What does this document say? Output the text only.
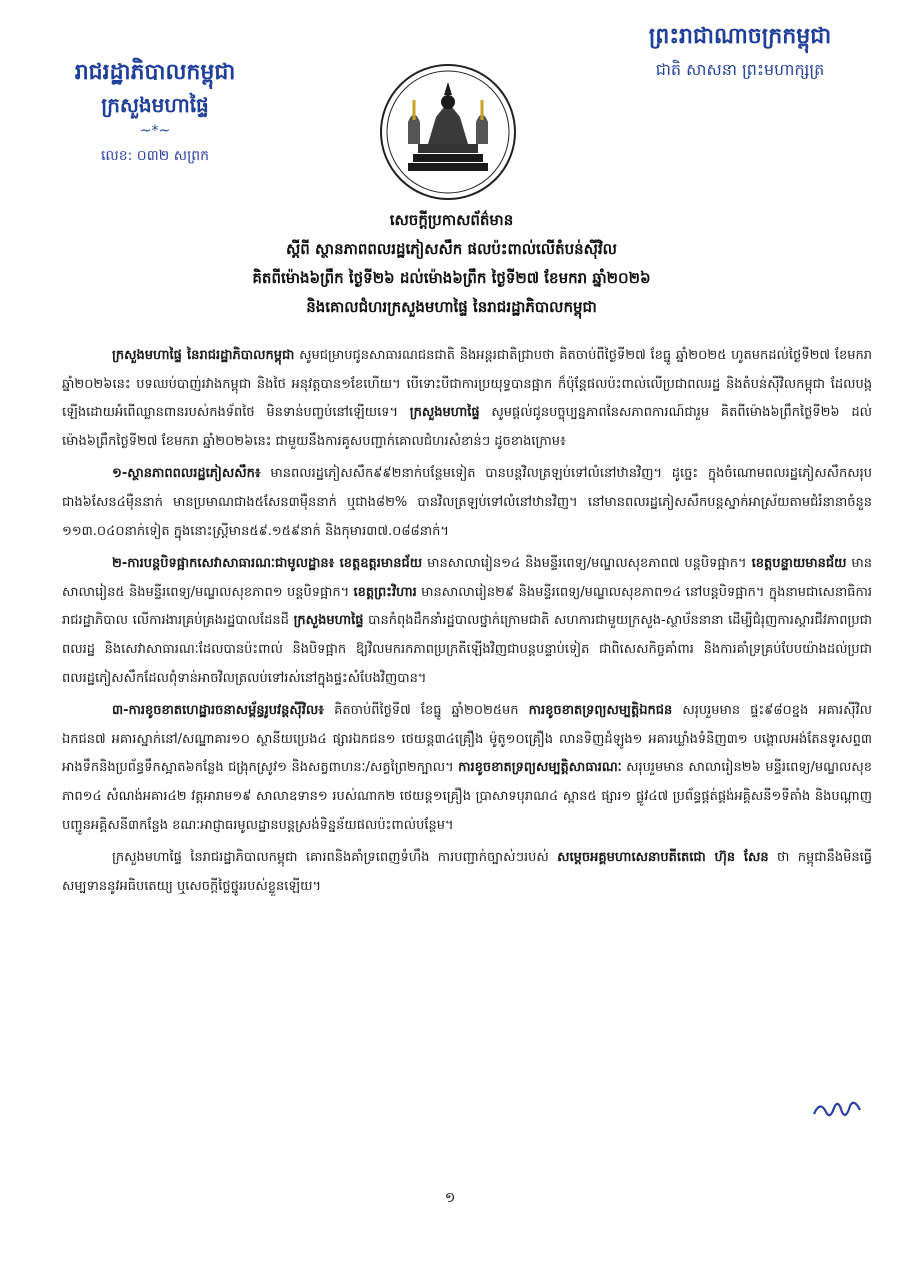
រាជរដ្ឋាភិបាលកម្ពុជា
ក្រសួងមហាផ្ទៃ
~*~
លេខ: ០៣២ សព្រក
ព្រះរាជាណាចក្រកម្ពុជា
ជាតិ សាសនា ព្រះមហាក្សត្រ
សេចក្តីប្រកាសព័ត៌មាន
ស្តីពី ស្ថានភាពពលរដ្ឋភៀសសឹក ផលប៉ះពាល់លើតំបន់ស៊ីវិល
គិតពីម៉ោង៦ព្រឹក ថ្ងៃទី២៦ ដល់ម៉ោង៦ព្រឹក ថ្ងៃទី២៧ ខែមករា ឆ្នាំ២០២៦
និងគោលជំហរក្រសួងមហាផ្ទៃ នៃរាជរដ្ឋាភិបាលកម្ពុជា

ក្រសួងមហាផ្ទៃ នៃរាជរដ្ឋាភិបាលកម្ពុជា សូមជម្រាបជូនសាធារណជនជាតិ និងអន្តរជាតិជ្រាបថា គិតចាប់ពីថ្ងៃទី២៧ ខែធ្នូ ឆ្នាំ២០២៥ ហូតមកដល់ថ្ងៃទី២៧ ខែមករា ឆ្នាំ២០២៦នេះ បទឈប់បាញ់រវាងកម្ពុជា និងថៃ អនុវត្តបាន១ខែហើយ។ បើទោះបីជាការប្រយុទ្ធបានផ្អាក ក៏ប៉ុន្តែផលប៉ះពាល់លើប្រជាពលរដ្ឋ និងតំបន់ស៊ីវិលកម្ពុជា ដែលបង្កឡើងដោយអំពើឈ្លានពានរបស់កងទ័ពថៃ មិនទាន់បញ្ចប់នៅឡើយទេ។ ក្រសួងមហាផ្ទៃ សូមផ្តល់ជូនបច្ចុប្បន្នភាពនៃសភាពការណ៍ជារួម គិតពីម៉ោង៦ព្រឹកថ្ងៃទី២៦ ដល់ម៉ោង៦ព្រឹកថ្ងៃទី២៧ ខែមករា ឆ្នាំ២០២៦នេះ ជាមួយនឹងការគូសបញ្ជាក់គោលជំហរសំខាន់ៗ ដូចខាងក្រោម៖

១-ស្ថានភាពពលរដ្ឋភៀសសឹក៖ មានពលរដ្ឋភៀសសឹក៩៩២នាក់បន្ថែមទៀត បានបន្តវិលត្រឡប់ទៅលំនៅឋានវិញ។ ដូច្នេះ ក្នុងចំណោមពលរដ្ឋភៀសសឹកសរុបជាង៦សែន៤ម៉ឺននាក់ មានប្រមាណជាង៥សែន៣ម៉ឺននាក់ ឬជាង៨២% បានវិលត្រឡប់ទៅលំនៅឋានវិញ។ នៅមានពលរដ្ឋភៀសសឹកបន្តស្នាក់អាស្រ័យតាមជំរំនានាចំនួន ១១៣.០៤០នាក់ទៀត ក្នុងនោះស្ត្រីមាន៥៩.១៥៩នាក់ និងកុមារ៣៧.០៨៨នាក់។

២-ការបន្តបិទផ្អាកសេវាសាធារណៈជាមូលដ្ឋាន៖ ខេត្តឧត្តរមានជ័យ មានសាលារៀន១៤ និងមន្ទីរពេទ្យ/មណ្ឌលសុខភាព៧ បន្តបិទផ្អាក។ ខេត្តបន្ទាយមានជ័យ មានសាលារៀន៥ និងមន្ទីរពេទ្យ/មណ្ឌលសុខភាព១ បន្តបិទផ្អាក។ ខេត្តព្រះវិហារ មានសាលារៀន២៩ និងមន្ទីរពេទ្យ/មណ្ឌលសុខភាព១៤ នៅបន្តបិទផ្អាក។ ក្នុងនាមជាសេនាធិការរាជរដ្ឋាភិបាល លើការងារគ្រប់គ្រងរដ្ឋបាលដែនដី ក្រសួងមហាផ្ទៃ បានកំពុងដឹកនាំរដ្ឋបាលថ្នាក់ក្រោមជាតិ សហការជាមួយក្រសួង-ស្ថាប័ននានា ដើម្បីជំរុញការស្តារជីវភាពប្រជាពលរដ្ឋ និងសេវាសាធារណៈដែលបានប៉ះពាល់ និងបិទផ្អាក ឱ្យវិលមករកភាពប្រក្រតីឡើងវិញជាបន្តបន្ទាប់ទៀត ជាពិសេសកិច្ចគាំពារ និងការគាំទ្រគ្រប់បែបយ៉ាងដល់ប្រជាពលរដ្ឋភៀសសឹកដែលពុំទាន់អាចវិលត្រលប់ទៅរស់នៅក្នុងផ្ទះសំបែងវិញបាន។

៣-ការខូចខាតហេដ្ឋារចនាសម្ព័ន្ធរូបវន្តស៊ីវិល៖ គិតចាប់ពីថ្ងៃទី៧ ខែធ្នូ ឆ្នាំ២០២៥មក ការខូចខាតទ្រព្យសម្បត្តិឯកជន សរុបរួមមាន ផ្ទះ៩៨០ខ្នង អគារស៊ីវិលឯកជន៧ អគារស្នាក់នៅ/សណ្ឋាគារ១០ ស្ថានីយប្រេង៤ ផ្សារឯកជន១ ថេយន្ត៣៤គ្រឿង ម៉ូតូ១០គ្រឿង លានទិញដំឡូង១ អគារឃ្លាំងទំនិញ៣១ បង្គោលអង់តែនទូរសព្ទ៣ អាងទឹកនិងប្រព័ន្ធទឹកស្អាត៦កន្លែង ជង្រុកស្រូវ១ និងសត្វពាហនៈ/សត្វព្រៃ២ក្បាល។ ការខូចខាតទ្រព្យសម្បត្តិសាធារណៈ សរុបរួមមាន សាលារៀន២៦ មន្ទីរពេទ្យ/មណ្ឌលសុខភាព១៤ សំណង់អគារ៤២ វត្តអារាម១៩ សាលាឧទាន១ របស់ណាក២ ថេយន្ត១គ្រឿង ប្រាសាទបុរាណ៤ ស្ពាន៥ ផ្សារ១ ផ្លូវ៤៧ ប្រព័ន្ធផ្គត់ផ្គង់អគ្គិសនី១ទីតាំង និងបណ្តាញបញ្ជូនអគ្គិសនី៣កន្លែង ខណៈអាជ្ញាធរមូលដ្ឋានបន្តស្រង់ទិន្នន័យផលប៉ះពាល់បន្ថែម។

ក្រសួងមហាផ្ទៃ នៃរាជរដ្ឋាភិបាលកម្ពុជា គោរពនិងគាំទ្រពេញទំហឹង ការបញ្ជាក់ច្បាស់ៗរបស់ សម្តេចអគ្គមហាសេនាបតីតេជោ ហ៊ុន សែន ថា កម្ពុជានឹងមិនធ្វើសម្បទាននូវអធិបតេយ្យ ឬសេចក្តីថ្លៃថ្នូររបស់ខ្លួនឡើយ។

១
